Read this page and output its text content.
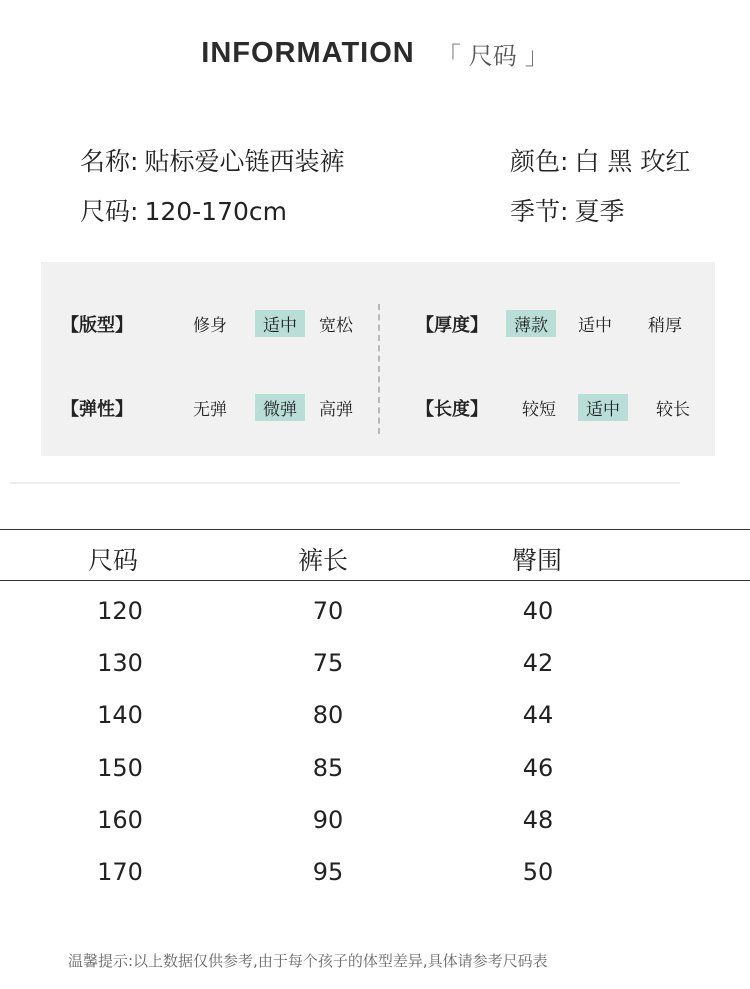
INFORMATION 「 尺码 」
名称: 贴标爱心链西装裤	颜色: 白 黑 玫红
尺码: 120-170cm	季节: 夏季
【版型】	修身	适中	宽松
【弹性】	无弹	微弹	高弹
【厚度】	薄款	适中	稍厚
【长度】	较短	适中	较长
尺码	裤长	臀围
120	70	40
130	75	42
140	80	44
150	85	46
160	90	48
170	95	50
温馨提示:以上数据仅供参考,由于每个孩子的体型差异,具体请参考尺码表
